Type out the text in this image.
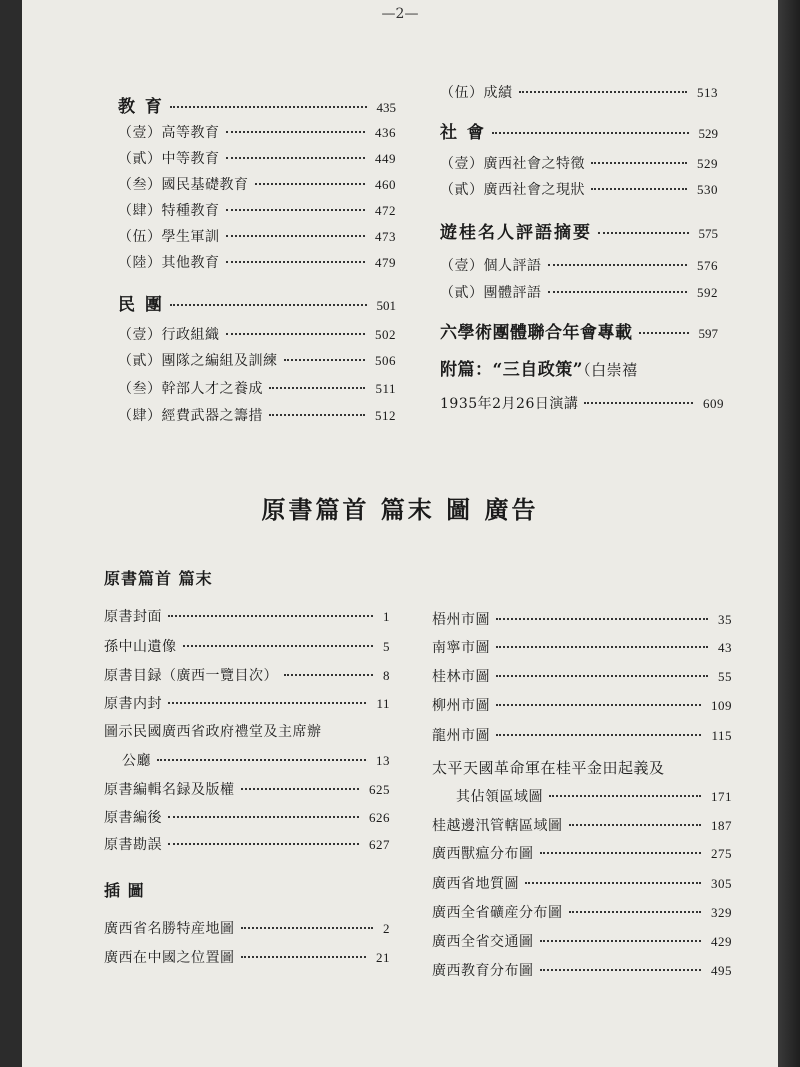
—2—
教 育	435
（壹）高等教育	436
（貳）中等教育	449
（叁）國民基礎教育	460
（肆）特種教育	472
（伍）學生軍訓	473
（陸）其他教育	479
民 團	501
（壹）行政組織	502
（貳）團隊之編組及訓練	506
（叁）幹部人才之養成	511
（肆）經費武器之籌措	512
（伍）成績	513
社 會	529
（壹）廣西社會之特徵	529
（貳）廣西社會之現狀	530
遊桂名人評語摘要	575
（壹）個人評語	576
（貳）團體評語	592
六學術團體聯合年會專載	597
附篇：“三自政策”（白崇禧
1935年2月26日演講	609
原書篇首 篇末 圖 廣告
原書篇首 篇末
原書封面	1
孫中山遺像	5
原書目録（廣西一覽目次）	8
原書内封	11
圖示民國廣西省政府禮堂及主席辦
公廳	13
原書編輯名録及版權	625
原書編後	626
原書勘誤	627
插 圖
廣西省名勝特産地圖	2
廣西在中國之位置圖	21
梧州市圖	35
南寧市圖	43
桂林市圖	55
柳州市圖	109
龍州市圖	115
太平天國革命軍在桂平金田起義及
其佔領區域圖	171
桂越邊汛管轄區域圖	187
廣西獸瘟分布圖	275
廣西省地質圖	305
廣西全省礦産分布圖	329
廣西全省交通圖	429
廣西教育分布圖	495
